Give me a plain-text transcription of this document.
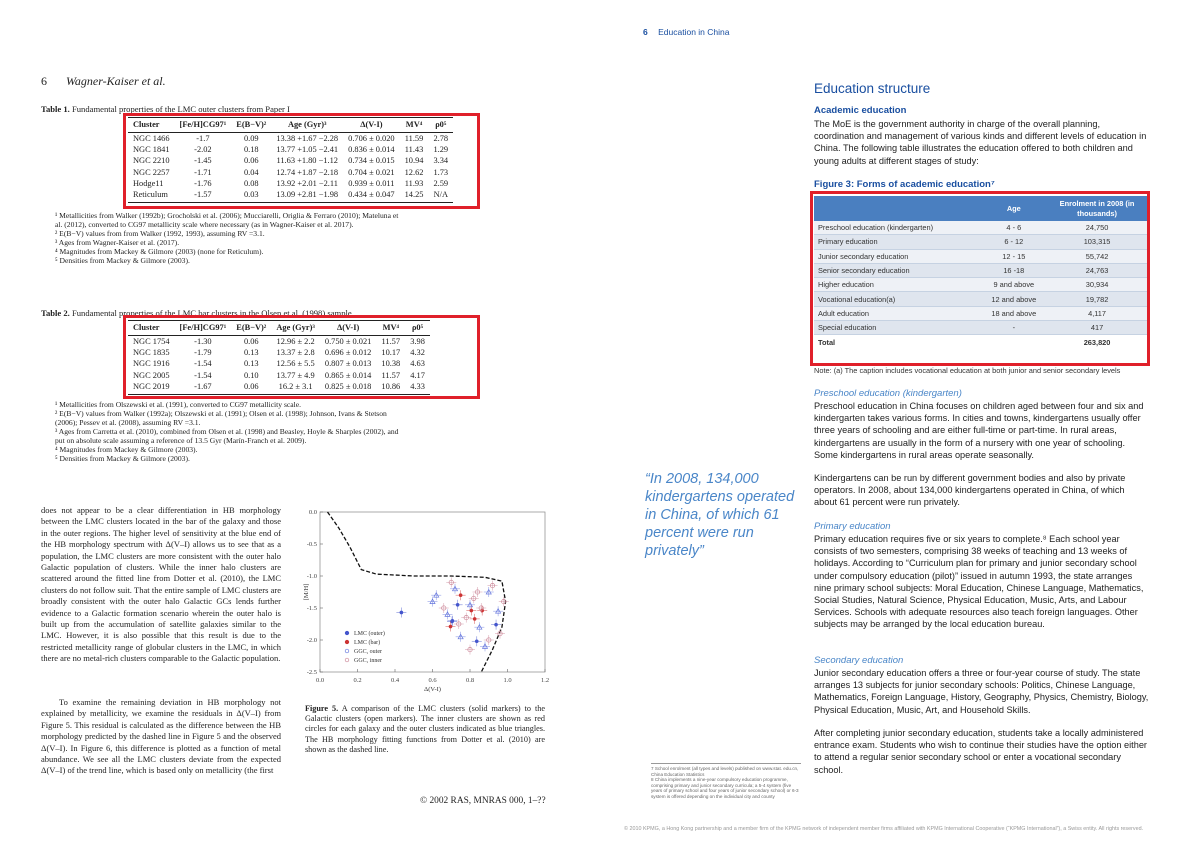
6 Wagner-Kaiser et al.
Table 1. Fundamental properties of the LMC outer clusters from Paper I
Cluster	[Fe/H]CG97¹	E(B−V)²	Age (Gyr)³	Δ(V-I)	MV⁴	ρ0⁵
NGC 1466	-1.7	0.09	13.38 +1.67 −2.28	0.706 ± 0.020	11.59	2.78
NGC 1841	-2.02	0.18	13.77 +1.05 −2.41	0.836 ± 0.014	11.43	1.29
NGC 2210	-1.45	0.06	11.63 +1.80 −1.12	0.734 ± 0.015	10.94	3.34
NGC 2257	-1.71	0.04	12.74 +1.87 −2.18	0.704 ± 0.021	12.62	1.73
Hodge11	-1.76	0.08	13.92 +2.01 −2.11	0.939 ± 0.011	11.93	2.59
Reticulum	-1.57	0.03	13.09 +2.81 −1.98	0.434 ± 0.047	14.25	N/A
¹ Metallicities from Walker (1992b); Grocholski et al. (2006); Mucciarelli, Origlia & Ferraro (2010); Mateluna et al. (2012), converted to CG97 metallicity scale where necessary (as in Wagner-Kaiser et al. 2017).
² E(B−V) values from from Walker (1992, 1993), assuming RV =3.1.
³ Ages from Wagner-Kaiser et al. (2017).
⁴ Magnitudes from Mackey & Gilmore (2003) (none for Reticulum).
⁵ Densities from Mackey & Gilmore (2003).
Table 2. Fundamental properties of the LMC bar clusters in the Olsen et al. (1998) sample.
Cluster	[Fe/H]CG97¹	E(B−V)²	Age (Gyr)³	Δ(V-I)	MV⁴	ρ0⁵
NGC 1754	-1.30	0.06	12.96 ± 2.2	0.750 ± 0.021	11.57	3.98
NGC 1835	-1.79	0.13	13.37 ± 2.8	0.696 ± 0.012	10.17	4.32
NGC 1916	-1.54	0.13	12.56 ± 5.5	0.807 ± 0.013	10.38	4.63
NGC 2005	-1.54	0.10	13.77 ± 4.9	0.865 ± 0.014	11.57	4.17
NGC 2019	-1.67	0.06	16.2 ± 3.1	0.825 ± 0.018	10.86	4.33
¹ Metallicities from Olszewski et al. (1991), converted to CG97 metallicity scale.
² E(B−V) values from Walker (1992a); Olszewski et al. (1991); Olsen et al. (1998); Johnson, Ivans & Stetson (2006); Pessev et al. (2008), assuming RV =3.1.
³ Ages from Carretta et al. (2010), combined from Olsen et al. (1998) and Beasley, Hoyle & Sharples (2002), and put on absolute scale assuming a reference of 13.5 Gyr (Marín-Franch et al. 2009).
⁴ Magnitudes from Mackey & Gilmore (2003).
⁵ Densities from Mackey & Gilmore (2003).
does not appear to be a clear differentiation in HB morphology between the LMC clusters located in the bar of the galaxy and those in the outer regions. The higher level of sensitivity at the blue end of the HB morphology spectrum with Δ(V–I) allows us to see that as a population, the LMC clusters are more consistent with the outer halo Galactic population of clusters. While the inner halo clusters are scattered around the fitted line from Dotter et al. (2010), the LMC clusters do not follow suit. That the entire sample of LMC clusters are broadly consistent with the outer halo Galactic GCs lends further evidence to a Galactic formation scenario wherein the outer halo is built up from the accumulation of satellite galaxies similar to the LMC. However, it is also possible that this result is due to the restricted metallicity range of globular clusters in the LMC, in which there are no metal-rich clusters comparable to the Galactic population.
To examine the remaining deviation in HB morphology not explained by metallicity, we examine the residuals in Δ(V–I) from Figure 5. This residual is calculated as the difference between the HB morphology predicted by the dashed line in Figure 5 and the observed Δ(V–I). In Figure 6, this difference is plotted as a function of metal abundance. We see all the LMC clusters deviate from the expected Δ(V–I) of the trend line, which is based only on metallicity (the first
0.0	0.2	0.4	0.6	0.8	1.0	1.2
0.0
-0.5
-1.0
-1.5
-2.0
-2.5
Δ(V-I)
[M/H]
LMC (outer)
LMC (bar)
GGC, outer
GGC, inner
Figure 5. A comparison of the LMC clusters (solid markers) to the Galactic clusters (open markers). The inner clusters are shown as red circles for each galaxy and the outer clusters indicated as blue triangles. The HB morphology fitting functions from Dotter et al. (2010) are shown as the dashed line.
© 2002 RAS, MNRAS 000, 1–??
6 Education in China
Education structure
Academic education
The MoE is the government authority in charge of the overall planning, coordination and management of various kinds and different levels of education in China. The following table illustrates the education offered to both children and young adults at different stages of study:
Figure 3: Forms of academic education⁷
	Age	Enrolment in 2008 (in thousands)
Preschool education (kindergarten)	4 - 6	24,750
Primary education	6 - 12	103,315
Junior secondary education	12 - 15	55,742
Senior secondary education	16 -18	24,763
Higher education	9 and above	30,934
Vocational education(a)	12 and above	19,782
Adult education	18 and above	4,117
Special education	-	417
Total		263,820
Note: (a) The caption includes vocational education at both junior and senior secondary levels
Preschool education (kindergarten)
Preschool education in China focuses on children aged between four and six and kindergarten takes various forms. In cities and towns, kindergartens usually offer three years of schooling and are either full-time or part-time. In rural areas, kindergartens are usually in the form of a nursery with one year of schooling. Some kindergartens in rural areas operate seasonally.
Kindergartens can be run by different government bodies and also by private operators. In 2008, about 134,000 kindergartens operated in China, of which about 61 percent were run privately.
Primary education
Primary education requires five or six years to complete.⁸ Each school year consists of two semesters, comprising 38 weeks of teaching and 13 weeks of holidays. According to “Curriculum plan for primary and junior secondary school under compulsory education (pilot)” issued in autumn 1993, the state arranges nine primary school subjects: Moral Education, Chinese Language, Mathematics, Social Studies, Natural Science, Physical Education, Music, Arts, and Labour Services. Schools with adequate resources also teach foreign languages. Other subjects may be arranged by the local education bureau.
Secondary education
Junior secondary education offers a three or four-year course of study. The state arranges 13 subjects for junior secondary schools: Politics, Chinese Language, Mathematics, Foreign Language, History, Geography, Physics, Chemistry, Biology, Physical Education, Music, Art, and Household Skills.
After completing junior secondary education, students take a locally administered entrance exam. Students who wish to continue their studies have the option either to attend a regular senior secondary school or enter a vocational secondary school.
“In 2008, 134,000 kindergartens operated in China, of which 61 percent were run privately”
7 School enrolment (all types and levels) published on www.stat. edu.cn, China Education Statistics
8 China implements a nine-year compulsory education programme, comprising primary and junior secondary curricula; a 5-4 system (five years of primary school and four years of junior secondary school) or 6-3 system is offered depending on the individual city and county
© 2010 KPMG, a Hong Kong partnership and a member firm of the KPMG network of independent member firms affiliated with KPMG International Cooperative (“KPMG International”), a Swiss entity. All rights reserved.
